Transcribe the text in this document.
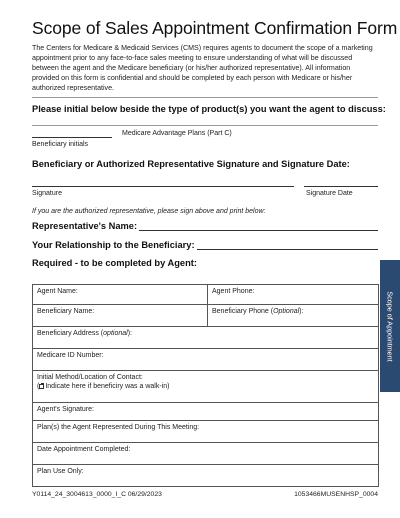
Scope of Sales Appointment Confirmation Form
The Centers for Medicare & Medicaid Services (CMS) requires agents to document the scope of a marketing appointment prior to any face-to-face sales meeting to ensure understanding of what will be discussed between the agent and the Medicare beneficiary (or his/her authorized representative). All information provided on this form is confidential and should be completed by each person with Medicare or his/her authorized representative.
Please initial below beside the type of product(s) you want the agent to discuss:
Medicare Advantage Plans (Part C)
Beneficiary initials
Beneficiary or Authorized Representative Signature and Signature Date:
Signature	Signature Date
If you are the authorized representative, please sign above and print below:
Representative's Name:
Your Relationship to the Beneficiary:
Required - to be completed by Agent:
Agent Name:	Agent Phone:
Beneficiary Name:	Beneficiary Phone (Optional):
Beneficiary Address (optional):	
Medicare ID Number:	

Initial Method/Location of Contact:
( Indicate here if beneficiry was a walk-in)	

Agent's Signature:	
Plan(s) the Agent Represented During This Meeting:	
Date Appointment Completed:	
Plan Use Only:	
Scope of Appointment
Y0114_24_3004613_0000_I_C 06/29/2023	1053466MUSENHSP_0004
